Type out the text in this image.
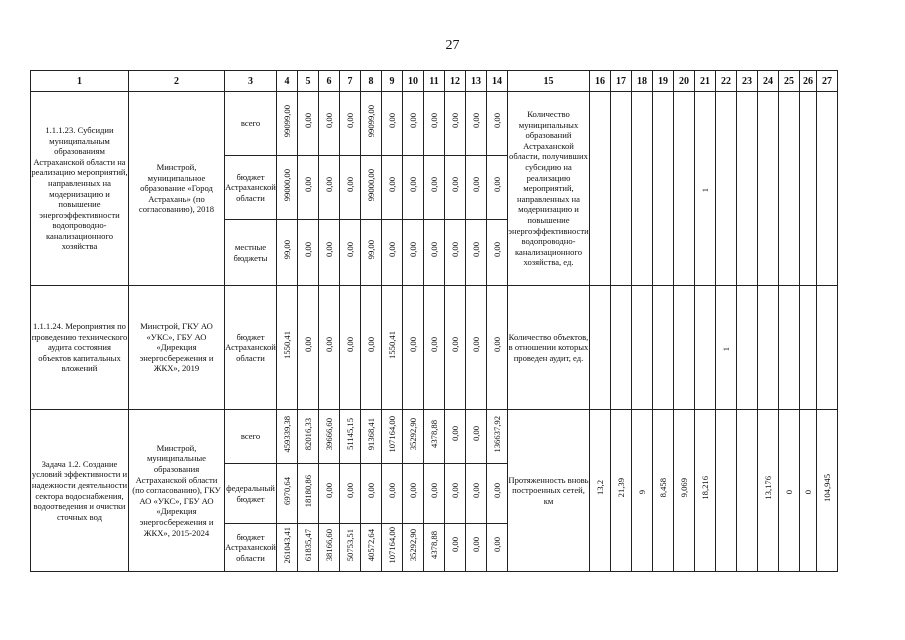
27
1	2	3	4	5	6	7	8	9	10	11	12	13	14	15	16	17	18	19	20	21	22	23	24	25	26	27
1.1.1.23. Субсидии муниципальным образованиям Астраханской области на реализацию мероприятий, направленных на модернизацию и повышение энергоэффективности водопроводно-канализационного хозяйства	Минстрой, муниципальное образование «Город Астрахань» (по согласованию), 2018	всего	99099,00	0,00	0,00	0,00	99099,00	0,00	0,00	0,00	0,00	0,00	0,00	Количество муниципальных образований Астраханской области, получивших субсидию на реализацию мероприятий, направленных на модернизацию и повышение энергоэффективности водопроводно-канализационного хозяйства, ед.						1						
		бюджет Астраханской области	99000,00	0,00	0,00	0,00	99000,00	0,00	0,00	0,00	0,00	0,00	0,00													
		местные бюджеты	99,00	0,00	0,00	0,00	99,00	0,00	0,00	0,00	0,00	0,00	0,00													
1.1.1.24. Мероприятия по проведению технического аудита состояния объектов капитальных вложений	Минстрой, ГКУ АО «УКС», ГБУ АО «Дирекция энергосбережения и ЖКХ», 2019	бюджет Астраханской области	1550,41	0,00	0,00	0,00	0,00	1550,41	0,00	0,00	0,00	0,00	0,00	Количество объектов, в отношении которых проведен аудит, ед.							1					
Задача 1.2. Создание условий эффективности и надежности деятельности сектора водоснабжения, водоотведения и очистки сточных вод	Минстрой, муниципальные образования Астраханской области (по согласованию), ГКУ АО «УКС», ГБУ АО «Дирекция энергосбережения и ЖКХ», 2015-2024	всего	459339,38	82016,33	39666,60	51145,15	91368,41	107164,00	35292,90	4378,88	0,00	0,00	136637,92	Протяженность вновь построенных сетей, км	13,2	21,39	9	8,458	9,069	18,216			13,176	0	0	104,945
		федеральный бюджет	6970,64	18180,86	0,00	0,00	0,00	0,00	0,00	0,00	0,00	0,00	0,00													
		бюджет Астраханской области	261043,41	61835,47	38166,60	50753,51	40572,64	107164,00	35292,90	4378,88	0,00	0,00	0,00													
